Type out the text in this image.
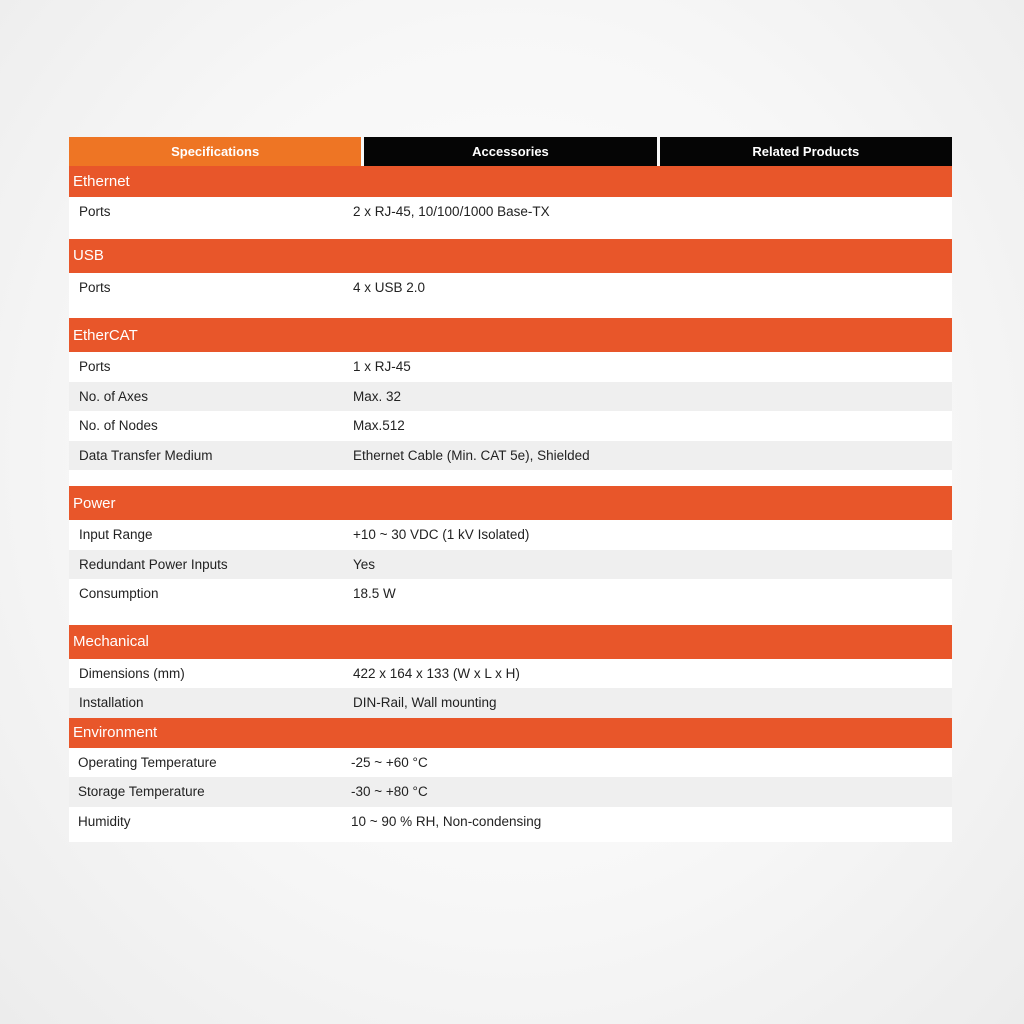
Specifications	Accessories	Related Products
Ethernet
Ports	2 x RJ-45, 10/100/1000 Base-TX
USB
Ports	4 x USB 2.0
EtherCAT
Ports	1 x RJ-45
No. of Axes	Max. 32
No. of Nodes	Max.512
Data Transfer Medium	Ethernet Cable (Min. CAT 5e), Shielded
Power
Input Range	+10 ~ 30 VDC (1 kV Isolated)
Redundant Power Inputs	Yes
Consumption	18.5 W
Mechanical
Dimensions (mm)	422 x 164 x 133 (W x L x H)
Installation	DIN-Rail, Wall mounting
Environment
Operating Temperature	-25 ~ +60 °C
Storage Temperature	-30 ~ +80 °C
Humidity	10 ~ 90 % RH, Non-condensing
